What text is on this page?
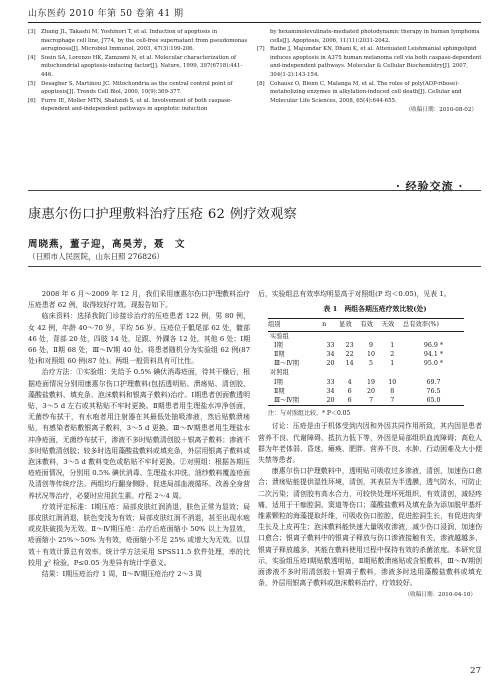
山东医药 2010 年第 50 卷第 41 期
[3] Zhang JL, Takashi M, Yoshinori T, et al. Induction of apoptosis in macrophage cell line, J774, by the cell-free supernatant from pseudomonas aeruginosa[J]. Microbiol Immunol, 2003, 47(3):199-206.
[4] Susin SA, Lorenzo HK, Zamzami N, et al. Molecular characterization of mitochondrial apoptosis-inducing factor[J]. Nature, 1999, 397(6718):441-446.
[5] Desagher S, Martinou JC. Mitochondria as the central control point of apoptosis[J]. Trends Cell Biol, 2000, 10(9):369-377.
[6] Furre IE, Moller MTN, Shahzidi S, et al. Involvement of both caspase-dependent and-independent pathways in apoptotic induction
by hexaminolevulinate-mediated photodynamic therapy in human lymphoma cells[J]. Apoptosis, 2006, 11(11):2031-2042.
[7] Rathe J, Majumdar KN, Dhani K, et al. Attenuated Leishmanial sphingolipid induces apoptosis in A375 human melanoma cell via both caspase-dependent and-independent pathways. Molecular & Cellular Biochemistry[J]. 2007, 304(1-2):143-154.
[8] Cohausz O, Blenn C, Malanga M, et al. The roles of poly(ADP-ribose)-metabolizing enzymes in alkylation-induced cell death[J]. Cellular and Molecular Life Sciences, 2008, 65(4):644-655.
（收稿日期：2010-08-02）
· 经验交流 ·
康惠尔伤口护理敷料治疗压疮 62 例疗效观察
周晓燕，董子迎，高昊芳，聂　文
（日照市人民医院，山东日照 276826）

2008 年 6 月～2009 年 12 月，我们采用康惠尔伤口护理敷料治疗压疮患者 62 例，取得较好疗效。现报告如下。

临床资料：选择我院门诊接诊治疗的压疮患者 122 例，男 80 例，女 42 例，年龄 40～70 岁，平均 56 岁。压疮位于骶尾部 62 处，髋部 46 处，背部 20 处，四肢 14 处，足跟、外踝各 12 处，其他 6 处；Ⅰ期 66 处，Ⅱ期 68 处，Ⅲ～Ⅳ期 40 处。将患者随机分为实验组 62 例(87 处)和对照组 60 例(87 处)。两组一般资料具有可比性。

治疗方法：①实验组：先给予 0.5% 碘伏消毒疮面，待其干燥后，根据疮面情况分别用康惠尔伤口护理敷料(包括透明贴、溃疡贴、清创胶、藻酸盐敷料、填充条、泡沫敷料和银离子敷料)治疗。Ⅰ期患者创面敷透明贴，3～5 d 左右或其粘贴不牢时更换。Ⅱ期患者用生理盐水冲净创面，无菌纱布拭干，有水疱者用注射器在其最低处抽吸渗液，然后贴敷溃疡贴，有感染者贴敷银离子敷料，3～5 d 更换。Ⅲ～Ⅳ期患者用生理盐水冲净疮面，无菌纱布拭干，渗液不多时贴敷清创胶＋银离子敷料；渗液不多时贴敷清创胶；较多时选用藻酸盐敷料或填充条，外层用银离子敷料或泡沫敷料，3～5 d 敷料变色或粘贴不牢时更换。②对照组：根据各期压疮疮面情况，分别用 0.5% 碘伏消毒、生理盐水冲洗、油纱敷料覆盖疮面及清创等传统疗法。两组均行翻身侧卧、促进局部血液循环、改善全身营养状况等治疗，必要时应用抗生素。疗程 2～4 周。

疗效评定标准：Ⅰ期压疮：局部皮肤红润消退，肤色正常为显效；局部皮肤红润消退，肤色变浅为有效；局部皮肤红润不消退，甚至出现水疱或皮肤破损为无效。Ⅱ～Ⅳ期压疮：治疗后疮面缩小 50% 以上为显效，疮面缩小 25%～50% 为有效，疮面缩小不足 25% 或增大为无效。以显效＋有效计算总有效率。统计学方法采用 SPSS11.5 软件处理，率的比较用 χ² 检验，P≤0.05 为差异有统计学意义。

结果：Ⅰ期压疮治疗 1 周，Ⅱ～Ⅳ期压疮治疗 2～3 周

后，实验组总有效率均明显高于对照组(P 均＜0.05)，见表 1。

表 1　两组各期压疮疗效比较(处)
组别	n	显效	有效	无效	总有效率(%)
实验组					
Ⅰ期	33	23	9	1	96.9 *
Ⅱ期	34	22	10	2	94.1 *
Ⅲ～Ⅳ期	20	14	5	1	95.0 *
对照组					
Ⅰ期	33	4	19	10	69.7
Ⅱ期	34	6	20	8	76.5
Ⅲ～Ⅳ期	20	6	7	7	65.0
注：与对照组比较，* P＜0.05

讨论：压疮是由于机体受到内因和外因共同作用所致，其内因是患者营养不良、代谢障碍、抵抗力低下等，外因是局部组织血流障碍；高危人群为年老体弱、昏迷、瘫痪、肥胖、营养不良、水肿、行动困难及大小便失禁等患者。

康惠尔伤口护理敷料中，透明贴可吸收过多渗液，清创，加速伤口愈合；溃疡贴能提供湿性环境，清创，其表层为半透膜，透气防水，可防止二次污染；清创胶有高水合力，可较快处理坏死组织，有效清创，减轻疼痛，适用于干痂腔洞、窦道等伤口；藻酸盐敷料及填充条为添加脱甲基纤维素颗粒的海藻提取纤维，可吸收伤口腔腔，促进腔洞生长，有促进肉芽生长及上皮再生；泡沫敷料能快速大量吸收渗液，减少伤口浸润，加速伤口愈合；银离子敷料中的银离子释放与伤口渗液接触有关，渗液越越多，银离子释放越多，其能在敷料使用过程中保持有效的杀菌浓度。本研究显示，实验组压疮Ⅰ期贴敷透明贴，Ⅱ期贴敷溃疡贴或含银敷料，Ⅲ～Ⅳ期创面渗液不多时用清创胶＋银离子敷料，渗液多时选用藻酸盐敷料或填充条，外层用银离子敷料或泡沫敷料治疗，疗效较好。

（收稿日期：2010-04-10）
27
